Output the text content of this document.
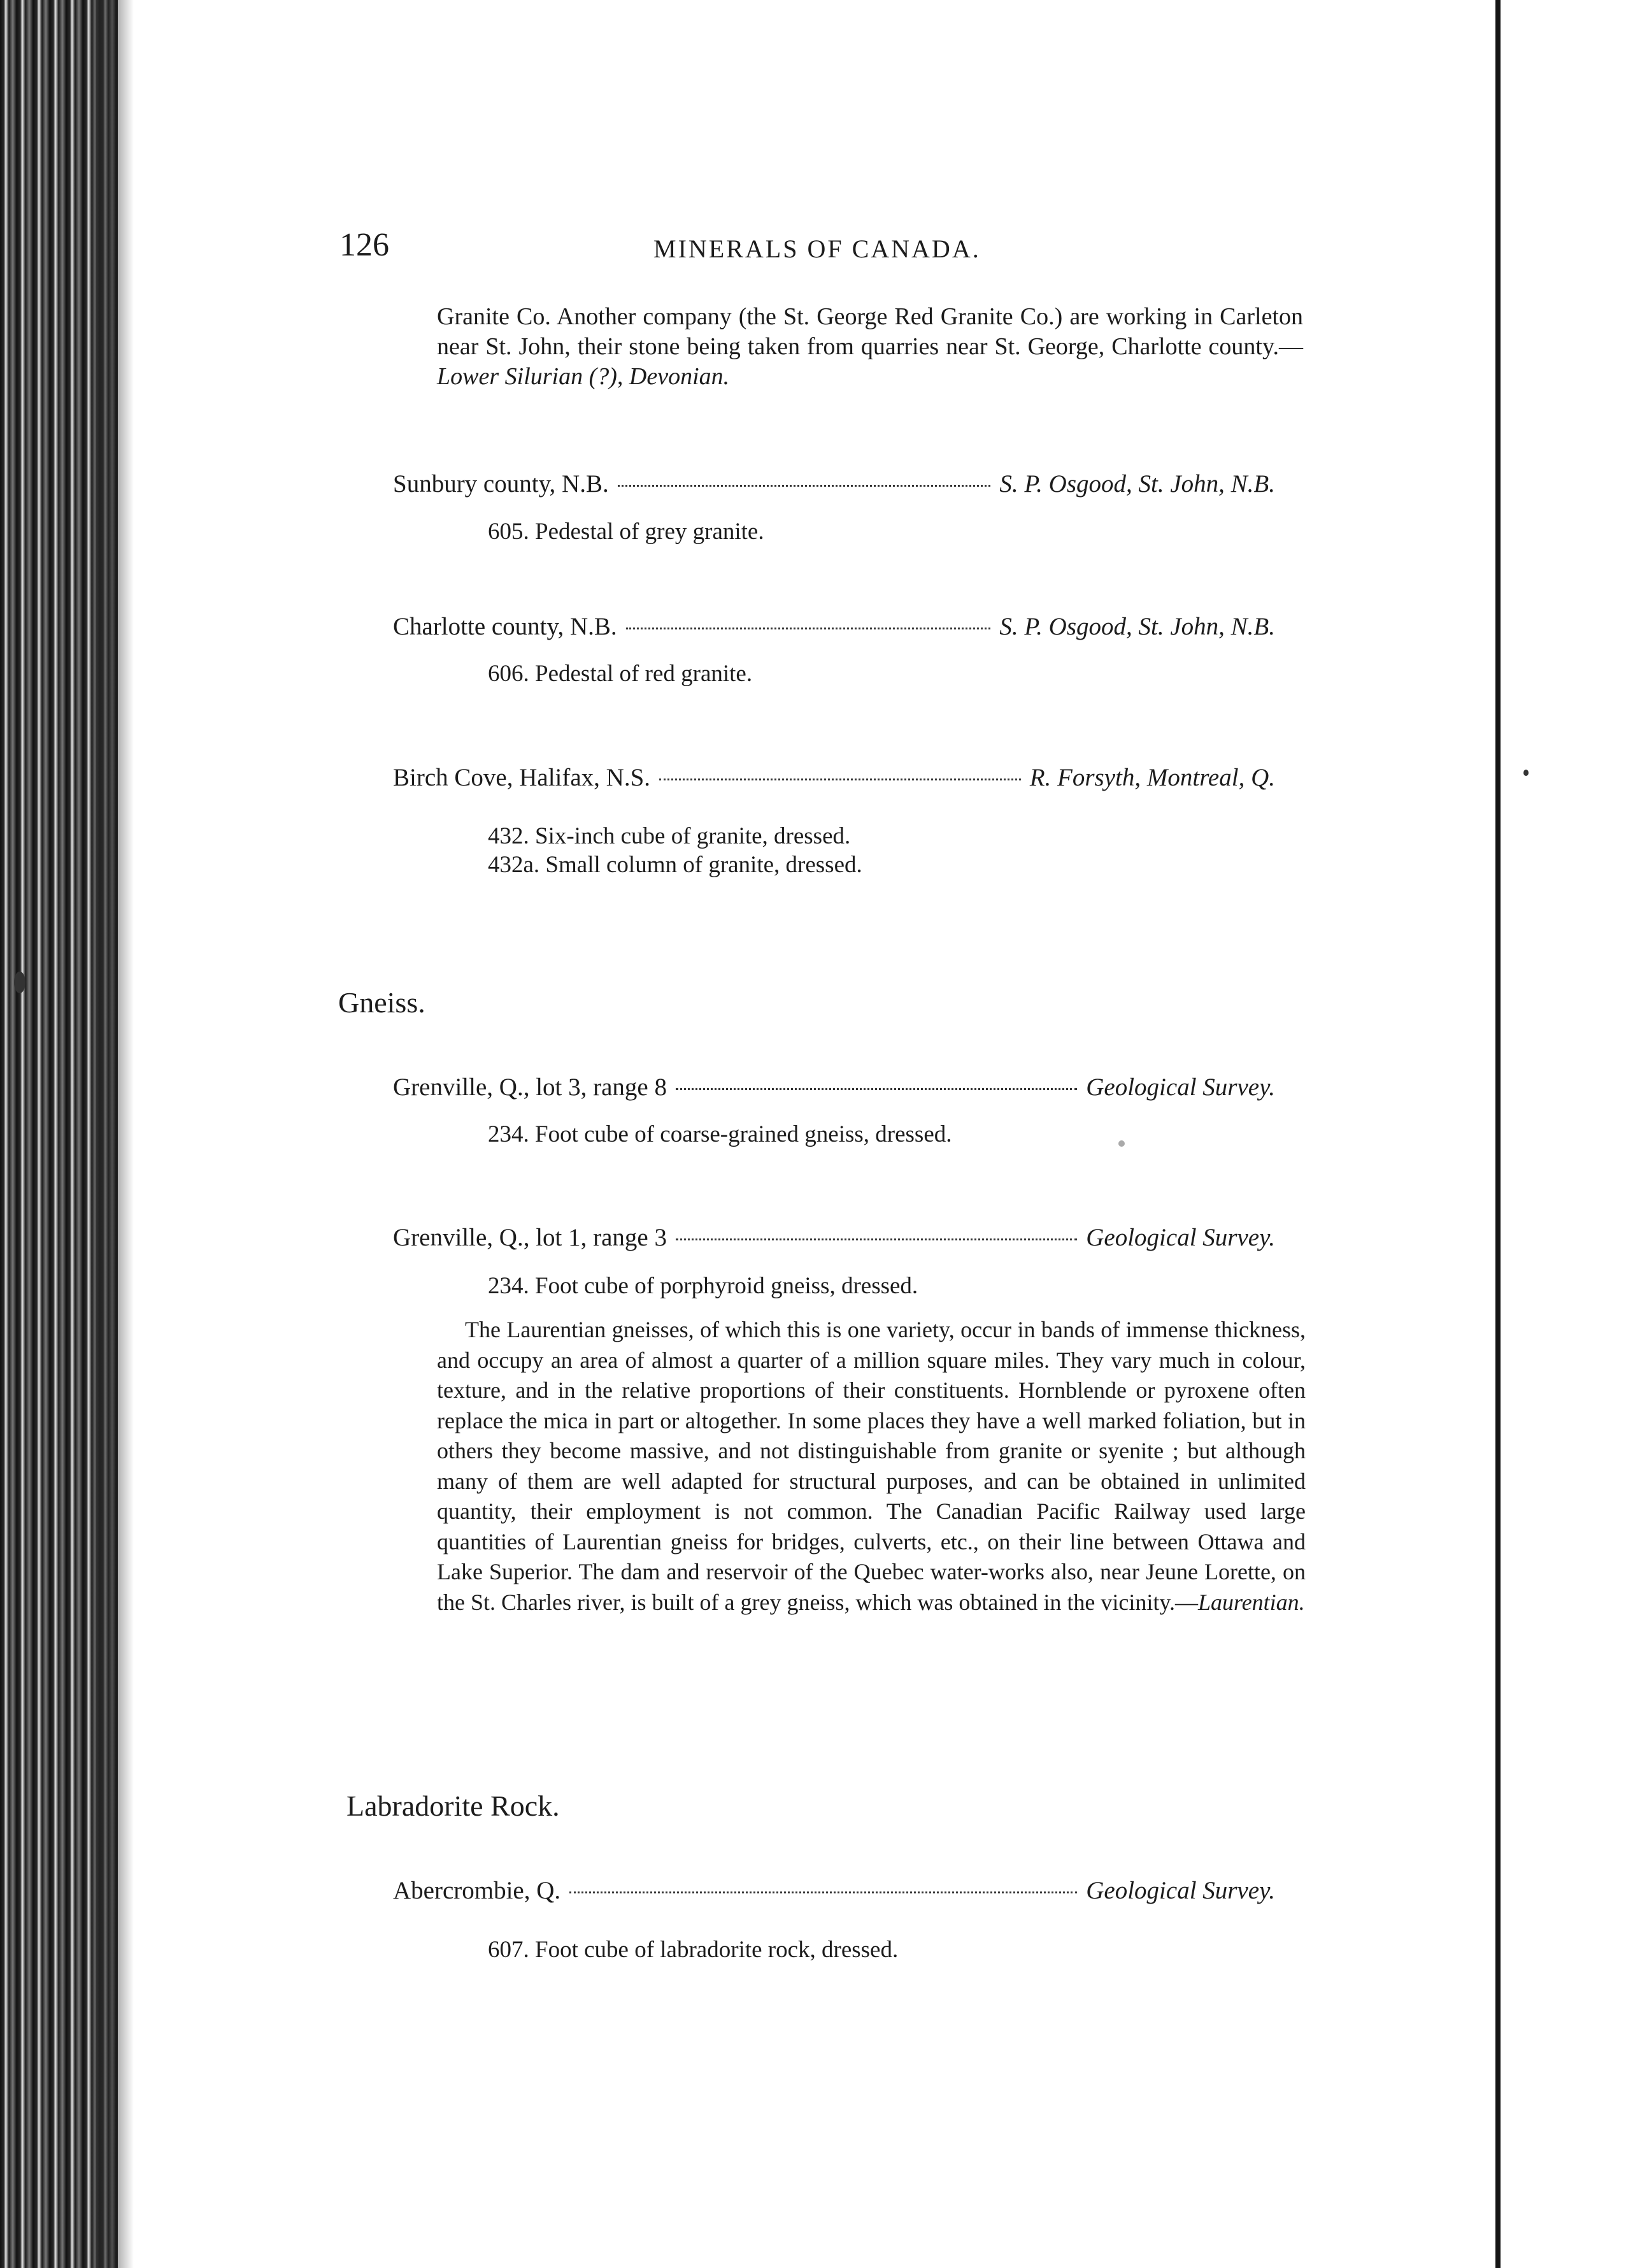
126	MINERALS OF CANADA.
Granite Co. Another company (the St. George Red Granite Co.) are working in Carleton near St. John, their stone being taken from quarries near St. George, Charlotte county.—Lower Silurian (?), Devonian.
Sunbury county, N.B.	S. P. Osgood, St. John, N.B.
605. Pedestal of grey granite.
Charlotte county, N.B.	S. P. Osgood, St. John, N.B.
606. Pedestal of red granite.
Birch Cove, Halifax, N.S.	R. Forsyth, Montreal, Q.
432. Six-inch cube of granite, dressed.
432a. Small column of granite, dressed.
Gneiss.
Grenville, Q., lot 3, range 8	Geological Survey.
234. Foot cube of coarse-grained gneiss, dressed.
Grenville, Q., lot 1, range 3	Geological Survey.
234. Foot cube of porphyroid gneiss, dressed.
The Laurentian gneisses, of which this is one variety, occur in bands of immense thickness, and occupy an area of almost a quarter of a million square miles. They vary much in colour, texture, and in the relative proportions of their constituents. Hornblende or pyroxene often replace the mica in part or altogether. In some places they have a well marked foliation, but in others they become massive, and not distinguishable from granite or syenite ; but although many of them are well adapted for structural purposes, and can be obtained in unlimited quantity, their employment is not common. The Canadian Pacific Railway used large quantities of Laurentian gneiss for bridges, culverts, etc., on their line between Ottawa and Lake Superior. The dam and reservoir of the Quebec water-works also, near Jeune Lorette, on the St. Charles river, is built of a grey gneiss, which was obtained in the vicinity.—Laurentian.
Labradorite Rock.
Abercrombie, Q.	Geological Survey.
607. Foot cube of labradorite rock, dressed.
